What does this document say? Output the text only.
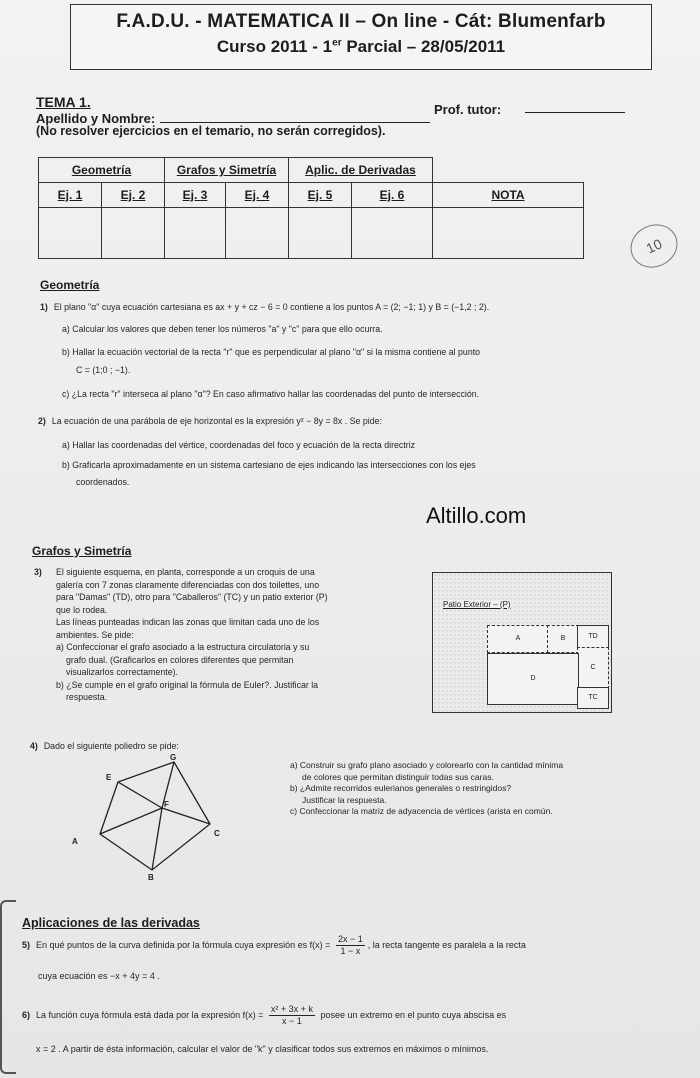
F.A.D.U. - MATEMATICA II – On line - Cát: Blumenfarb
Curso 2011 - 1er Parcial – 28/05/2011
TEMA 1.
Apellido y Nombre:
Prof. tutor:
(No resolver ejercicios en el temario, no serán corregidos).
Geometría		Grafos y Simetría		Aplic. de Derivadas		
Ej. 1	Ej. 2	Ej. 3	Ej. 4	Ej. 5	Ej. 6	NOTA

10
Geometría
1) El plano "α" cuya ecuación cartesiana es ax + y + cz − 6 = 0 contiene a los puntos A = (2; −1; 1) y B = (−1,2 ; 2).
a) Calcular los valores que deben tener los números "a" y "c" para que ello ocurra.
b) Hallar la ecuación vectorial de la recta "r" que es perpendicular al plano "α" si la misma contiene al punto
C = (1;0 ; −1).
c) ¿La recta "r" interseca al plano "α"? En caso afirmativo hallar las coordenadas del punto de intersección.
2) La ecuación de una parábola de eje horizontal es la expresión y² − 8y = 8x . Se pide:
a) Hallar las coordenadas del vértice, coordenadas del foco y ecuación de la recta directriz
b) Graficarla aproximadamente en un sistema cartesiano de ejes indicando las intersecciones con los ejes
coordenados.
Altillo.com
Grafos y Simetría
3) El siguiente esquema, en planta, corresponde a un croquis de una
galería con 7 zonas claramente diferenciadas con dos toilettes, uno
para "Damas" (TD), otro para "Caballeros" (TC) y un patio exterior (P)
que lo rodea.
Las líneas punteadas indican las zonas que limitan cada uno de los
ambientes. Se pide:
a) Confeccionar el grafo asociado a la estructura circulatoria y su
grafo dual. (Graficarlos en colores diferentes que permitan
visualizarlos correctamente).
b) ¿Se cumple en el grafo original la fórmula de Euler?. Justificar la
respuesta.
Patio Exterior – (P)
A	B	TD
C
D
TC
4) Dado el siguiente poliedro se pide:
G
E
F
A
C
B
a) Construir su grafo plano asociado y colorearlo con la cantidad mínima
de colores que permitan distinguir todas sus caras.
b) ¿Admite recorridos eulerianos generales o restringidos?
Justificar la respuesta.
c) Confeccionar la matriz de adyacencia de vértices (arista en común.
Aplicaciones de las derivadas
5) En qué puntos de la curva definida por la fórmula cuya expresión es $f(x) = \frac{2x - 1}{1 - x}$ , la recta tangente es paralela a la recta
cuya ecuación es −x + 4y = 4 .
6) La función cuya fórmula está dada por la expresión $f(x) = \frac{\text{x² + 3x + k}}{x - 1}$ posee un extremo en el punto cuya abscisa es
x = 2 . A partir de ésta información, calcular el valor de "k" y clasificar todos sus extremos en máximos o mínimos.
